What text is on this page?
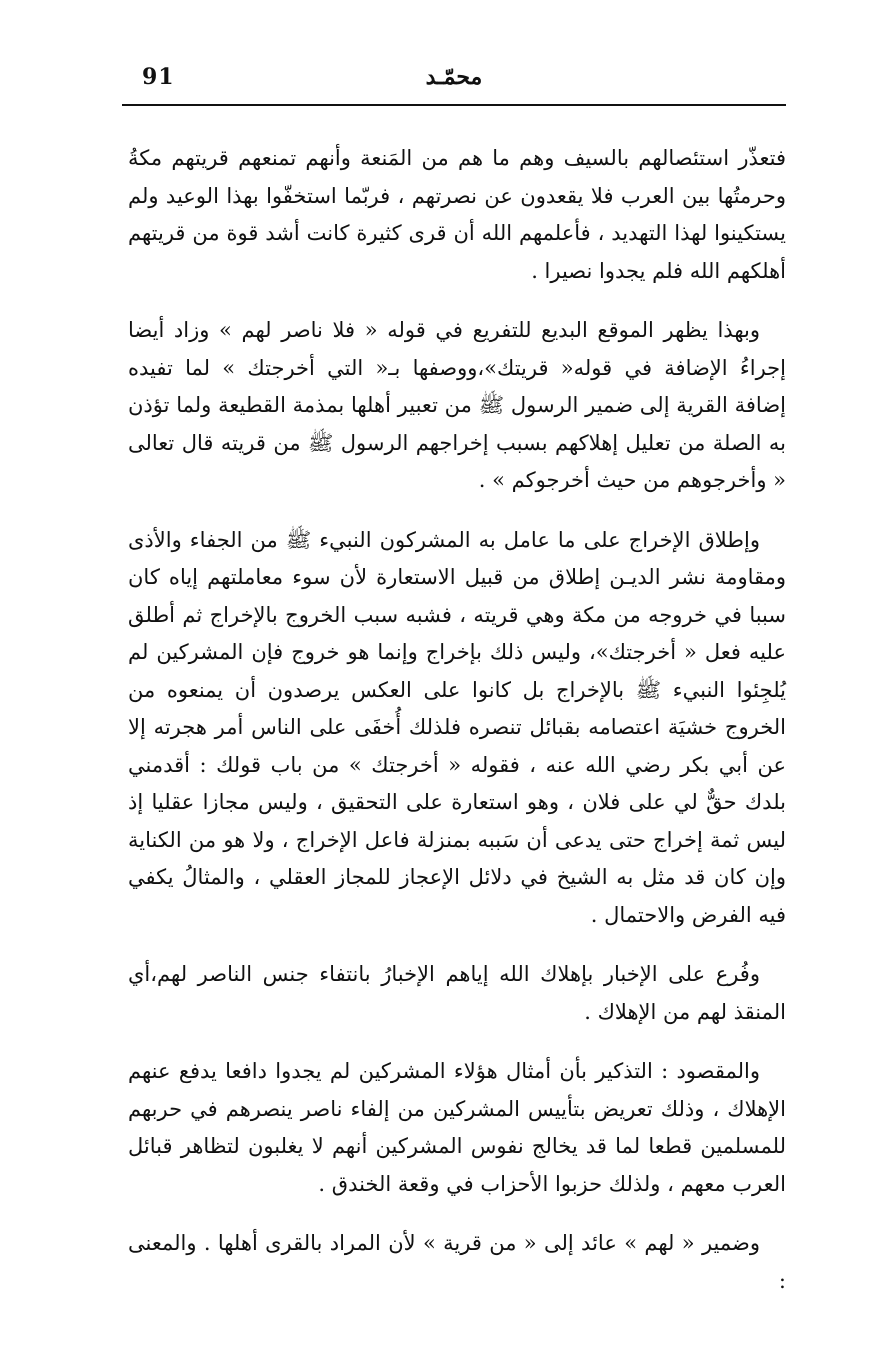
91	محمّـد

فتعذّر استئصالهم بالسيف وهم ما هم من المَنعة وأنهم تمنعهم قريتهم مكةُ وحرمتُها بين العرب فلا يقعدون عن نصرتهم ، فربّما استخفّوا بهذا الوعيد ولم يستكينوا لهذا التهديد ، فأعلمهم الله أن قرى كثيرة كانت أشد قوة من قريتهم أهلكهم الله فلم يجدوا نصيرا .

وبهذا يظهر الموقع البديع للتفريع في قوله « فلا ناصر لهم » وزاد أيضا إجراءُ الإضافة في قوله« قريتك»،ووصفها بـ« التي أخرجتك » لما تفيده إضافة القرية إلى ضمير الرسول ﷺ من تعبير أهلها بمذمة القطيعة ولما تؤذن به الصلة من تعليل إهلاكهم بسبب إخراجهم الرسول ﷺ من قريته قال تعالى « وأخرجوهم من حيث أخرجوكم » .

وإطلاق الإخراج على ما عامل به المشركون النبيء ﷺ من الجفاء والأذى ومقاومة نشر الديـن إطلاق من قبيل الاستعارة لأن سوء معاملتهم إياه كان سببا في خروجه من مكة وهي قريته ، فشبه سبب الخروج بالإخراج ثم أطلق عليه فعل « أخرجتك»، وليس ذلك بإخراج وإنما هو خروج فإن المشركين لم يُلجِئوا النبيء ﷺ بالإخراج بل كانوا على العكس يرصدون أن يمنعوه من الخروج خشيَة اعتصامه بقبائل تنصره فلذلك أُخفَى على الناس أمر هجرته إلا عن أبي بكر رضي الله عنه ، فقوله « أخرجتك » من باب قولك : أقدمني بلدك حقٌّ لي على فلان ، وهو استعارة على التحقيق ، وليس مجازا عقليا إذ ليس ثمة إخراج حتى يدعى أن سَببه بمنزلة فاعل الإخراج ، ولا هو من الكناية وإن كان قد مثل به الشيخ في دلائل الإعجاز للمجاز العقلي ، والمثالُ يكفي فيه الفرض والاحتمال .

وفُرع على الإخبار بإهلاك الله إياهم الإخبارُ بانتفاء جنس الناصر لهم،أي المنقذ لهم من الإهلاك .

والمقصود : التذكير بأن أمثال هؤلاء المشركين لم يجدوا دافعا يدفع عنهم الإهلاك ، وذلك تعريض بتأييس المشركين من إلفاء ناصر ينصرهم في حربهم للمسلمين قطعا لما قد يخالج نفوس المشركين أنهم لا يغلبون لتظاهر قبائل العرب معهم ، ولذلك حزبوا الأحزاب في وقعة الخندق .

وضمير « لهم » عائد إلى « من قرية » لأن المراد بالقرى أهلها . والمعنى :
